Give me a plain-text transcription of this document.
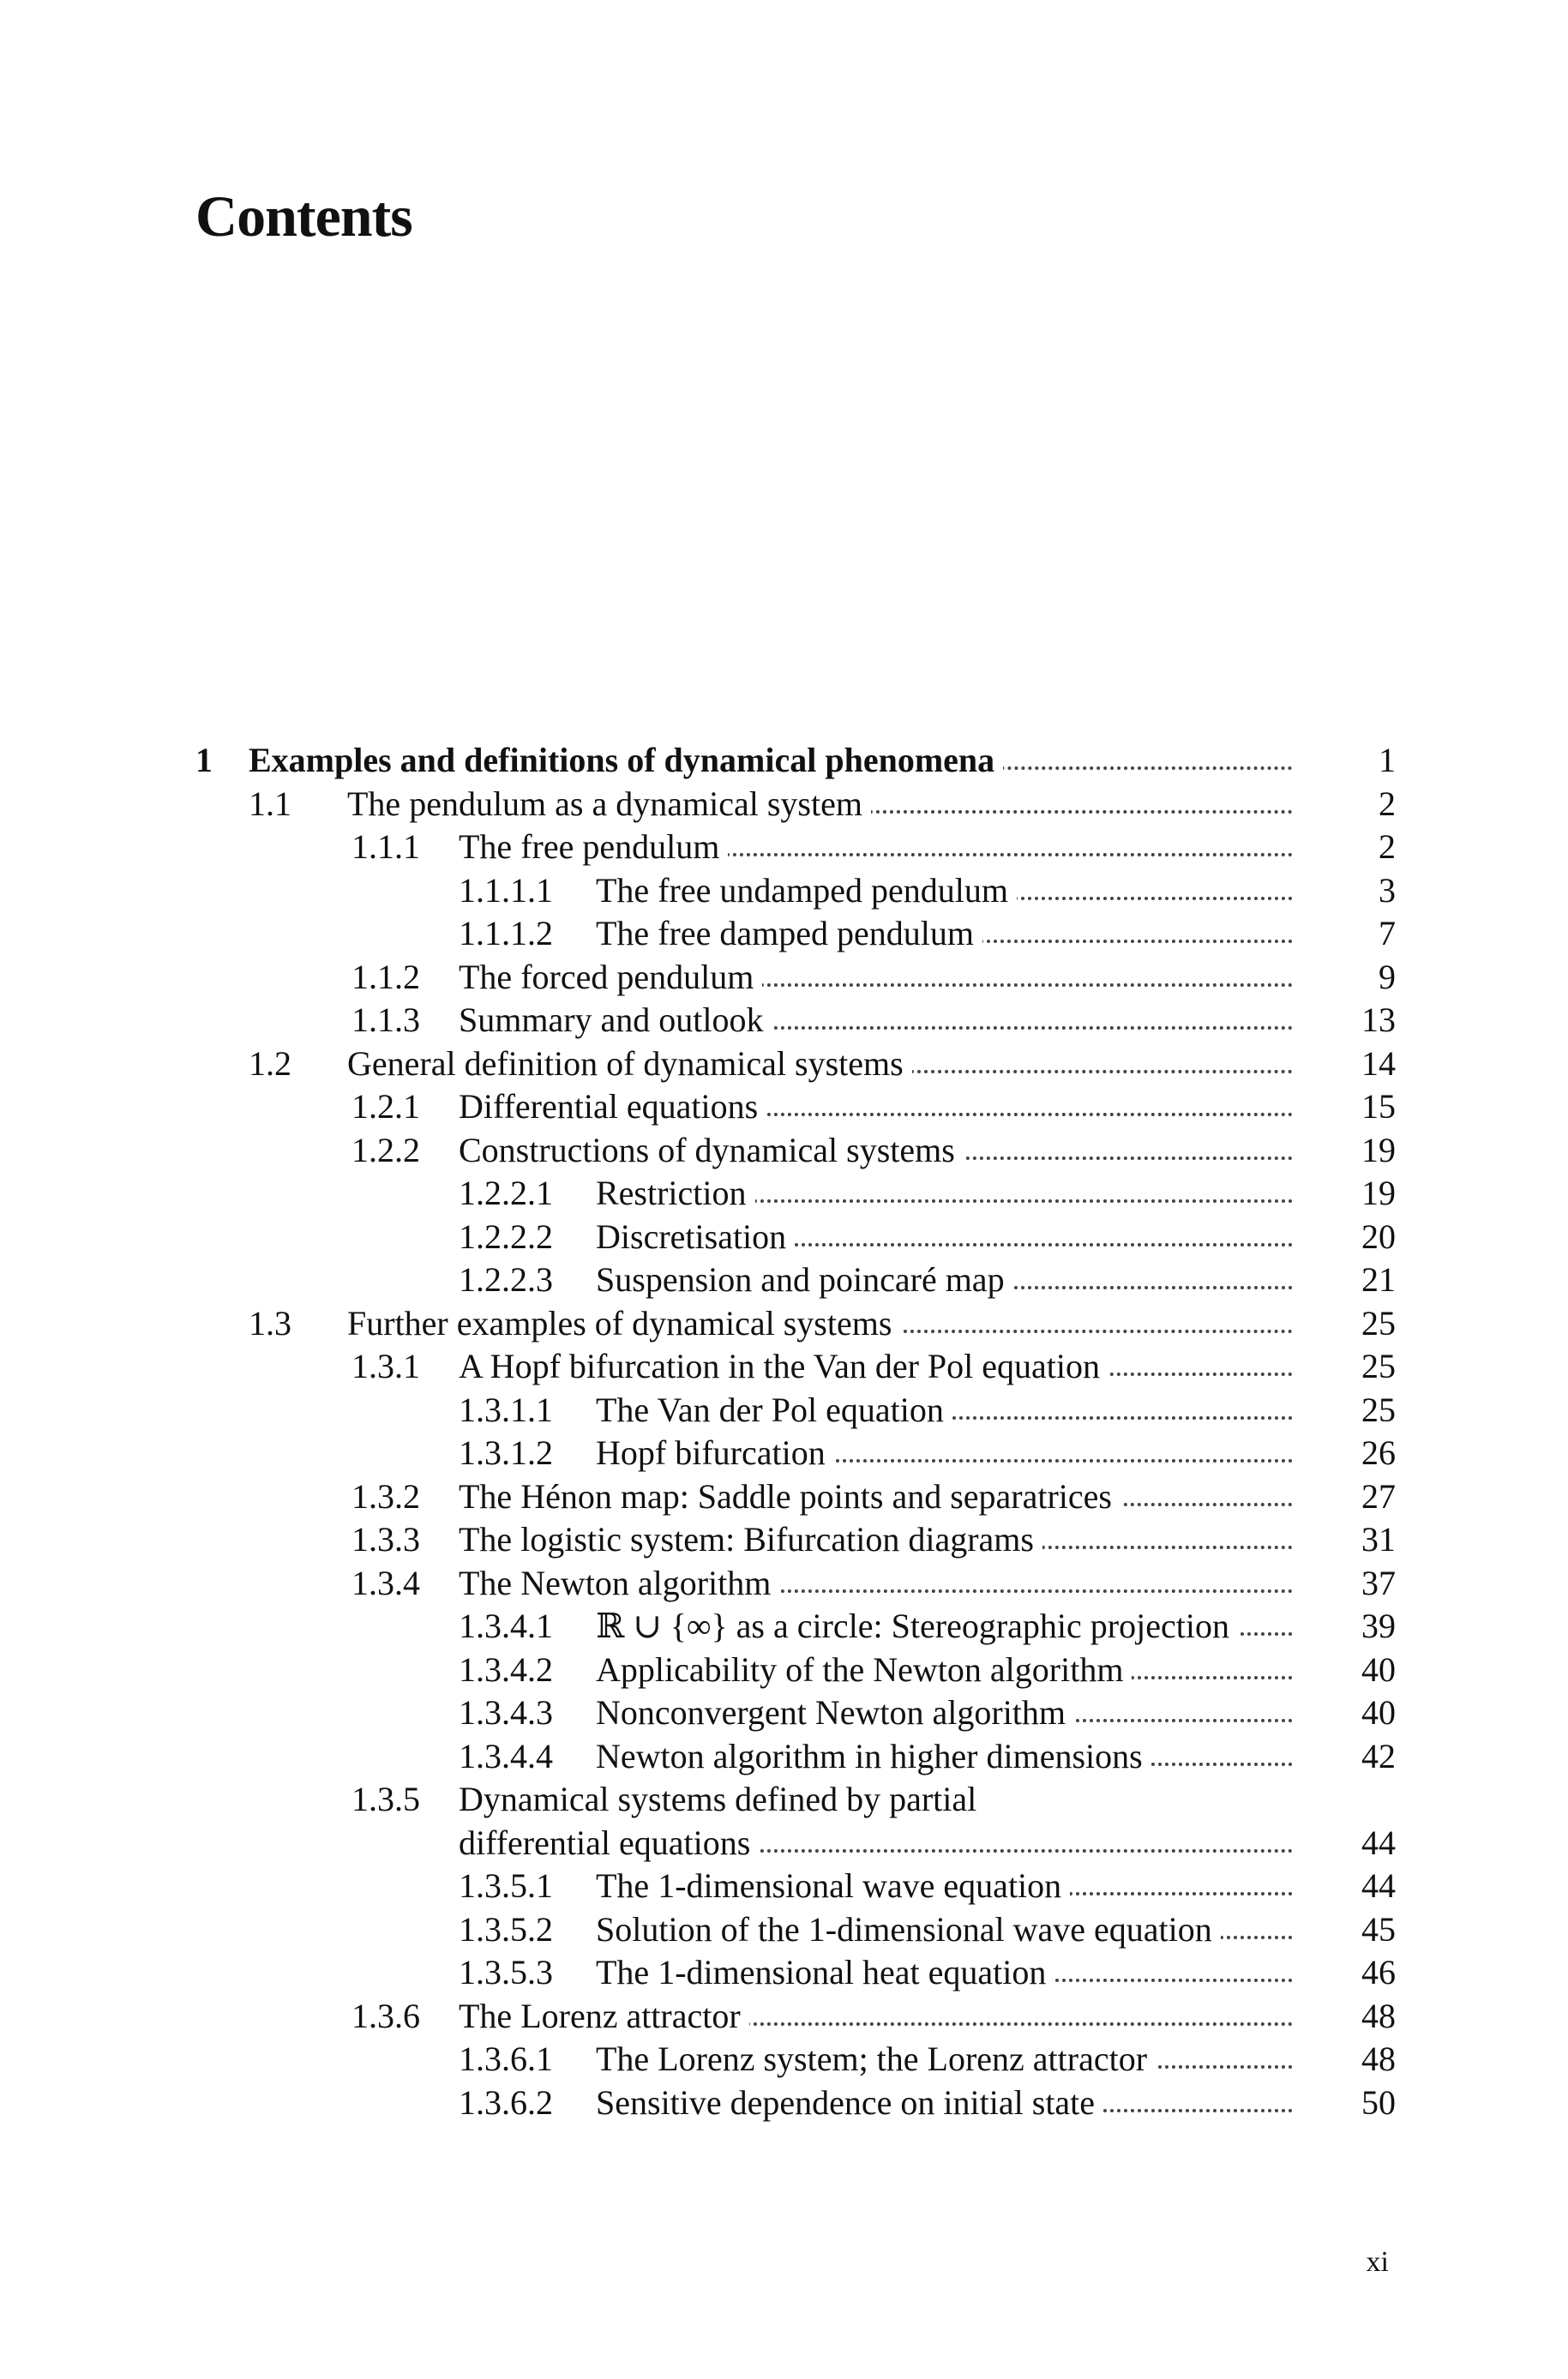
Contents
1 Examples and definitions of dynamical phenomena	1
1.1 The pendulum as a dynamical system	2
1.1.1 The free pendulum	2
1.1.1.1 The free undamped pendulum	3
1.1.1.2 The free damped pendulum	7
1.1.2 The forced pendulum	9
1.1.3 Summary and outlook	13
1.2 General definition of dynamical systems	14
1.2.1 Differential equations	15
1.2.2 Constructions of dynamical systems	19
1.2.2.1 Restriction	19
1.2.2.2 Discretisation	20
1.2.2.3 Suspension and poincaré map	21
1.3 Further examples of dynamical systems	25
1.3.1 A Hopf bifurcation in the Van der Pol equation	25
1.3.1.1 The Van der Pol equation	25
1.3.1.2 Hopf bifurcation	26
1.3.2 The Hénon map: Saddle points and separatrices	27
1.3.3 The logistic system: Bifurcation diagrams	31
1.3.4 The Newton algorithm	37
1.3.4.1 ℝ ∪ {∞} as a circle: Stereographic projection	39
1.3.4.2 Applicability of the Newton algorithm	40
1.3.4.3 Nonconvergent Newton algorithm	40
1.3.4.4 Newton algorithm in higher dimensions	42
1.3.5 Dynamical systems defined by partial
differential equations	44
1.3.5.1 The 1-dimensional wave equation	44
1.3.5.2 Solution of the 1-dimensional wave equation	45
1.3.5.3 The 1-dimensional heat equation	46
1.3.6 The Lorenz attractor	48
1.3.6.1 The Lorenz system; the Lorenz attractor	48
1.3.6.2 Sensitive dependence on initial state	50
xi
